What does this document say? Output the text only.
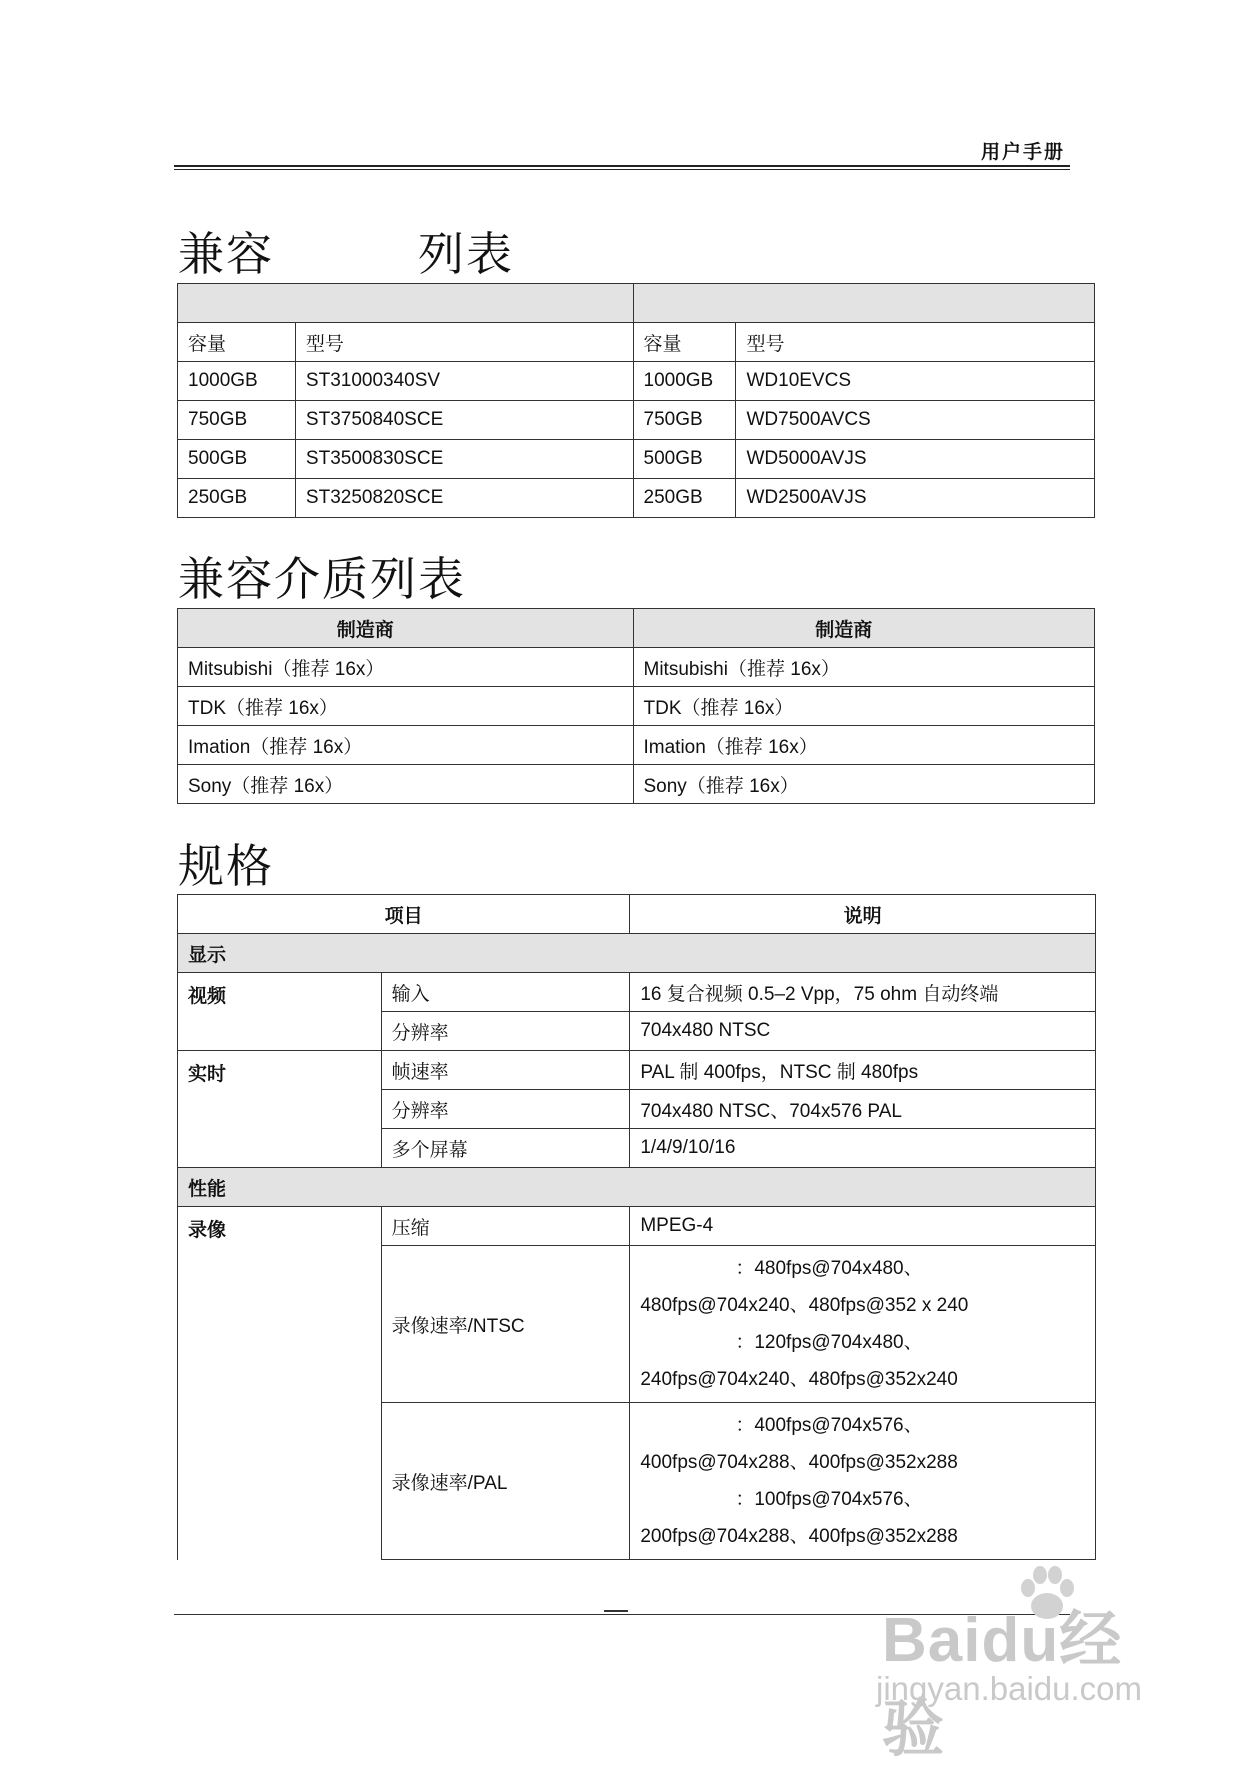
用户手册
兼容　　　列表

容量	型号	容量	型号
1000GB	ST31000340SV	1000GB	WD10EVCS
750GB	ST3750840SCE	750GB	WD7500AVCS
500GB	ST3500830SCE	500GB	WD5000AVJS
250GB	ST3250820SCE	250GB	WD2500AVJS
兼容介质列表
制造商	制造商
Mitsubishi（推荐 16x）	Mitsubishi（推荐 16x）
TDK（推荐 16x）	TDK（推荐 16x）
Imation（推荐 16x）	Imation（推荐 16x）
Sony（推荐 16x）	Sony（推荐 16x）
规格
项目		说明
显示		
视频	输入	16 复合视频 0.5–2 Vpp，75 ohm 自动终端
	分辨率	704x480 NTSC
实时	帧速率	PAL 制 400fps，NTSC 制 480fps
	分辨率	704x480 NTSC、704x576 PAL
	多个屏幕	1/4/9/10/16
性能		
录像	压缩	MPEG-4
	录像速率/NTSC	：480fps@704x480、
480fps@704x240、480fps@352 x 240
：120fps@704x480、
240fps@704x240、480fps@352x240

	录像速率/PAL	：400fps@704x576、
400fps@704x288、400fps@352x288
：100fps@704x576、
200fps@704x288、400fps@352x288
Baidu经验
jingyan.baidu.com
